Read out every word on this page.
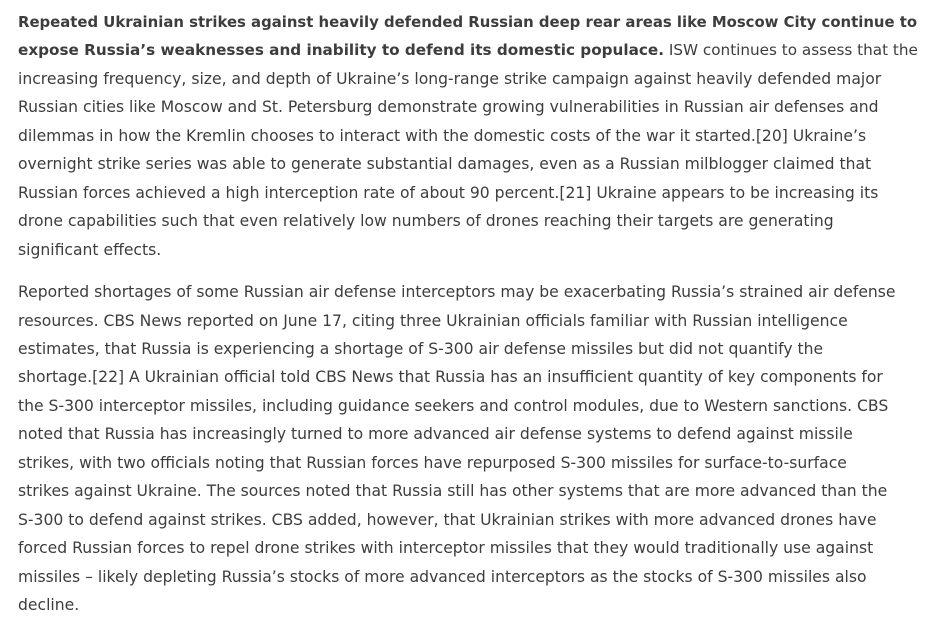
Repeated Ukrainian strikes against heavily defended Russian deep rear areas like Moscow City continue to
expose Russia’s weaknesses and inability to defend its domestic populace. ISW continues to assess that the
increasing frequency, size, and depth of Ukraine’s long-range strike campaign against heavily defended major
Russian cities like Moscow and St. Petersburg demonstrate growing vulnerabilities in Russian air defenses and
dilemmas in how the Kremlin chooses to interact with the domestic costs of the war it started.[20] Ukraine’s
overnight strike series was able to generate substantial damages, even as a Russian milblogger claimed that
Russian forces achieved a high interception rate of about 90 percent.[21] Ukraine appears to be increasing its
drone capabilities such that even relatively low numbers of drones reaching their targets are generating
significant effects.

Reported shortages of some Russian air defense interceptors may be exacerbating Russia’s strained air defense
resources. CBS News reported on June 17, citing three Ukrainian officials familiar with Russian intelligence
estimates, that Russia is experiencing a shortage of S-300 air defense missiles but did not quantify the
shortage.[22] A Ukrainian official told CBS News that Russia has an insufficient quantity of key components for
the S-300 interceptor missiles, including guidance seekers and control modules, due to Western sanctions. CBS
noted that Russia has increasingly turned to more advanced air defense systems to defend against missile
strikes, with two officials noting that Russian forces have repurposed S-300 missiles for surface-to-surface
strikes against Ukraine. The sources noted that Russia still has other systems that are more advanced than the
S-300 to defend against strikes. CBS added, however, that Ukrainian strikes with more advanced drones have
forced Russian forces to repel drone strikes with interceptor missiles that they would traditionally use against
missiles – likely depleting Russia’s stocks of more advanced interceptors as the stocks of S-300 missiles also
decline.
